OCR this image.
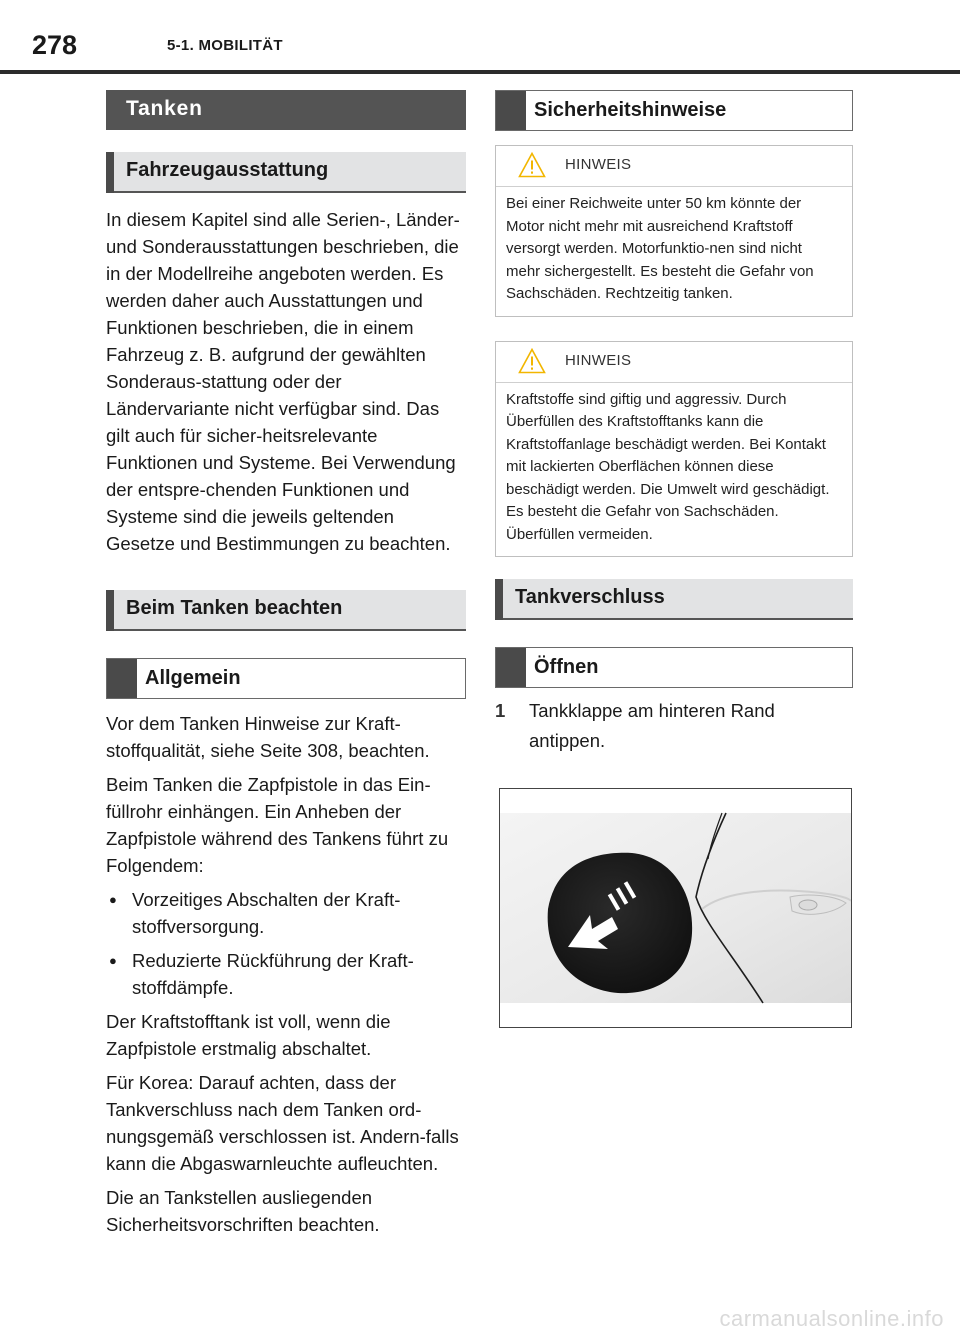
278	5-1. MOBILITÄT
Tanken
Fahrzeugausstattung

In diesem Kapitel sind alle Serien-, Länder- und Sonderausstattungen beschrieben, die in der Modellreihe angeboten werden. Es werden daher auch Ausstattungen und Funktionen beschrieben, die in einem Fahrzeug z. B. aufgrund der gewählten Sonderaus-stattung oder der Ländervariante nicht verfügbar sind. Das gilt auch für sicher-heitsrelevante Funktionen und Systeme. Bei Verwendung der entspre-chenden Funktionen und Systeme sind die jeweils geltenden Gesetze und Bestimmungen zu beachten.

Beim Tanken beachten
Allgemein

Vor dem Tanken Hinweise zur Kraft-stoffqualität, siehe Seite 308, beachten.

Beim Tanken die Zapfpistole in das Ein-füllrohr einhängen. Ein Anheben der Zapfpistole während des Tankens führt zu Folgendem:

● Vorzeitiges Abschalten der Kraft-stoffversorgung.
● Reduzierte Rückführung der Kraft-stoffdämpfe.

Der Kraftstofftank ist voll, wenn die Zapfpistole erstmalig abschaltet.

Für Korea: Darauf achten, dass der Tankverschluss nach dem Tanken ord-nungsgemäß verschlossen ist. Andern-falls kann die Abgaswarnleuchte aufleuchten.

Die an Tankstellen ausliegenden Sicherheitsvorschriften beachten.

Sicherheitshinweise
HINWEIS
Bei einer Reichweite unter 50 km könnte der Motor nicht mehr mit ausreichend Kraftstoff versorgt werden. Motorfunktio-nen sind nicht mehr sichergestellt. Es besteht die Gefahr von Sachschäden. Rechtzeitig tanken.
HINWEIS
Kraftstoffe sind giftig und aggressiv. Durch Überfüllen des Kraftstofftanks kann die Kraftstoffanlage beschädigt werden. Bei Kontakt mit lackierten Oberflächen können diese beschädigt werden. Die Umwelt wird geschädigt. Es besteht die Gefahr von Sachschäden. Überfüllen vermeiden.
Tankverschluss
Öffnen
1 Tankklappe am hinteren Rand antippen.
carmanualsonline.info
